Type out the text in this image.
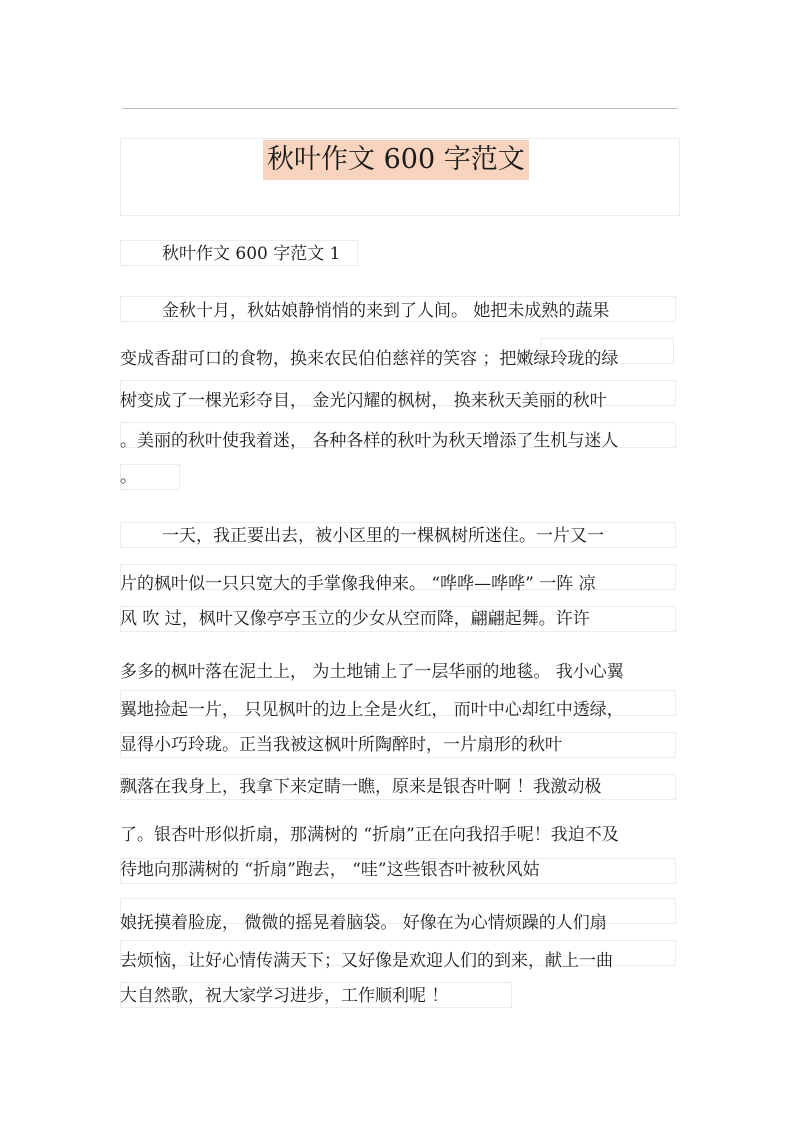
秋叶作文 600 字范文
秋叶作文 600 字范文 1
金秋十月，秋姑娘静悄悄的来到了人间。 她把未成熟的蔬果
变成香甜可口的食物，换来农民伯伯慈祥的笑容 ；把嫩绿玲珑的绿
树变成了一棵光彩夺目， 金光闪耀的枫树， 换来秋天美丽的秋叶
。美丽的秋叶使我着迷， 各种各样的秋叶为秋天增添了生机与迷人
。
一天，我正要出去，被小区里的一棵枫树所迷住。一片又一
片的枫叶似一只只宽大的手掌像我伸来。 “哗哗—哗哗” 一阵 凉
风 吹 过，枫叶又像亭亭玉立的少女从空而降，翩翩起舞。许许
多多的枫叶落在泥土上， 为土地铺上了一层华丽的地毯。 我小心翼
翼地捡起一片， 只见枫叶的边上全是火红， 而叶中心却红中透绿，
显得小巧玲珑。正当我被这枫叶所陶醉时，一片扇形的秋叶
飘落在我身上，我拿下来定睛一瞧，原来是银杏叶啊 ！我激动极
了。银杏叶形似折扇，那满树的 “折扇”正在向我招手呢！我迫不及
待地向那满树的 “折扇”跑去， “哇”这些银杏叶被秋风姑
娘抚摸着脸庞， 微微的摇晃着脑袋。 好像在为心情烦躁的人们扇
去烦恼，让好心情传满天下；又好像是欢迎人们的到来，献上一曲
大自然歌，祝大家学习进步，工作顺利呢 ！
